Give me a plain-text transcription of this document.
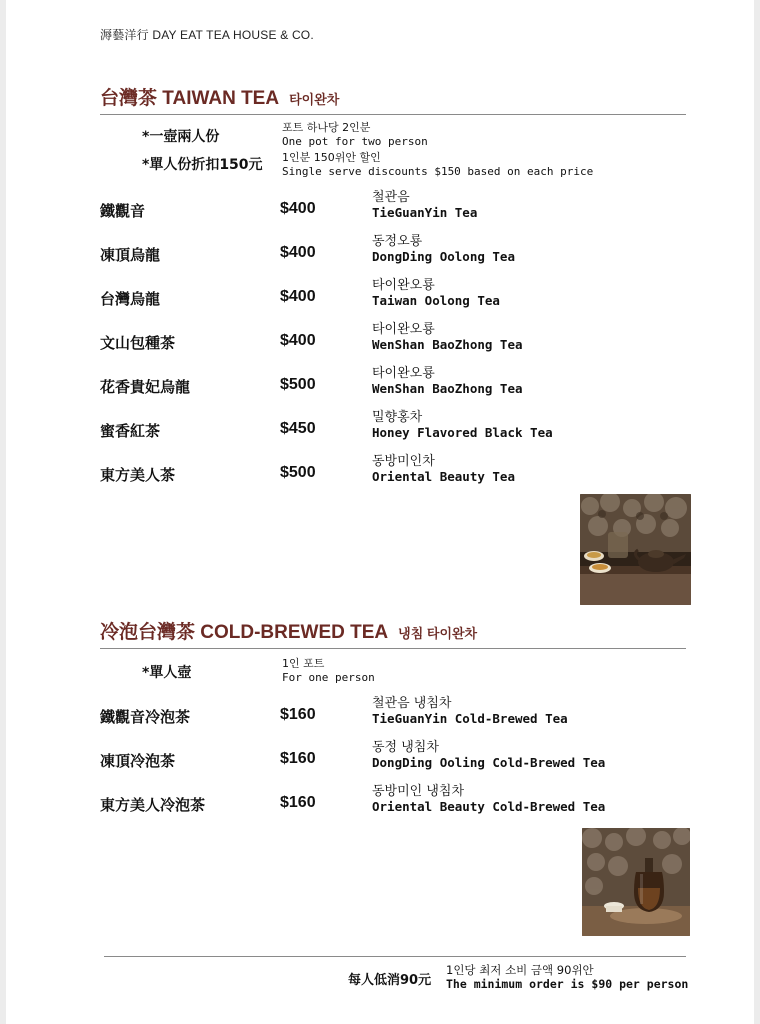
溽藝洋行 DAY EAT TEA HOUSE & CO.
台灣茶 TAIWAN TEA 타이완차
*一壺兩人份
포트 하나당 2인분
One pot for two person
*單人份折扣150元 1인분 150위안 할인
Single serve discounts $150 based on each price
鐵觀音	$400
철관음
TieGuanYin Tea
凍頂烏龍	$400
동정오룡
DongDing Oolong Tea
台灣烏龍	$400
타이완오룡
Taiwan Oolong Tea
文山包種茶	$400
타이완오룡
WenShan BaoZhong Tea
花香貴妃烏龍	$500
타이완오룡
WenShan BaoZhong Tea
蜜香紅茶	$450
밀향홍차
Honey Flavored Black Tea
東方美人茶	$500
동방미인차
Oriental Beauty Tea
冷泡台灣茶 COLD-BREWED TEA 냉침 타이완차
*單人壺
1인 포트
For one person
鐵觀音冷泡茶	$160
철관음 냉침차
TieGuanYin Cold-Brewed Tea
凍頂冷泡茶	$160
동정 냉침차
DongDing Ooling Cold-Brewed Tea
東方美人冷泡茶	$160
동방미인 냉침차
Oriental Beauty Cold-Brewed Tea
每人低消90元
1인당 최저 소비 금액 90위안
The minimum order is $90 per person
